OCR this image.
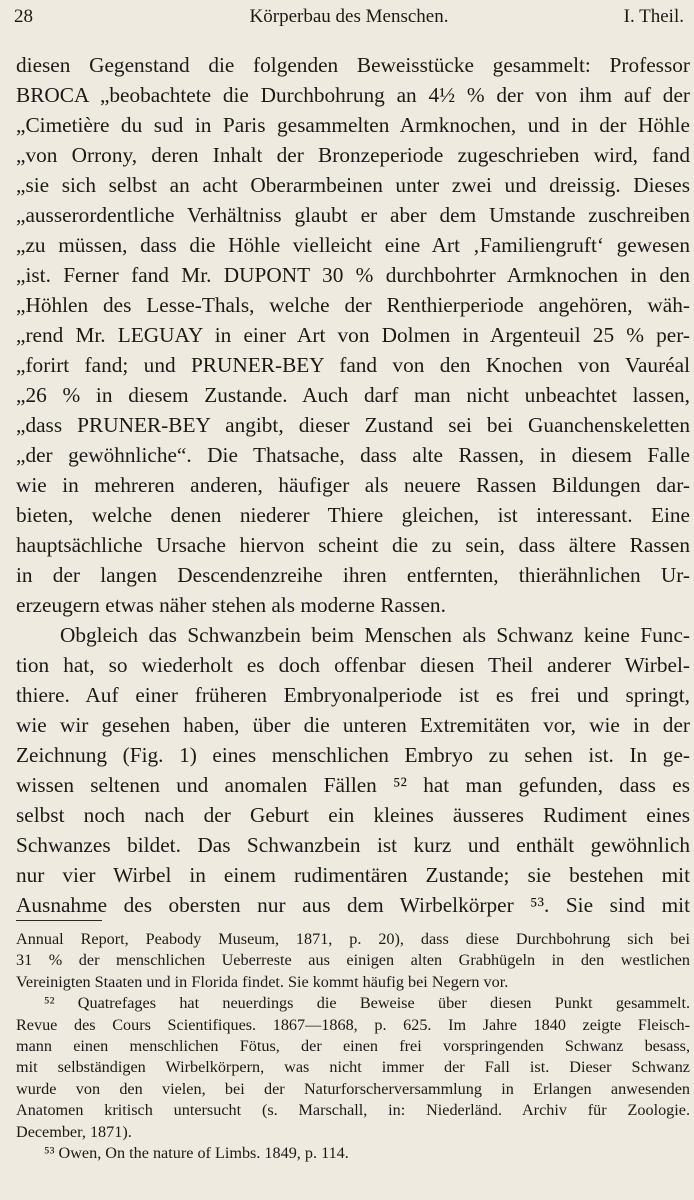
28	Körperbau des Menschen.	I. Theil.
diesen Gegenstand die folgenden Beweisstücke gesammelt: Professor
BROCA „beobachtete die Durchbohrung an 4½ % der von ihm auf der
„Cimetière du sud in Paris gesammelten Armknochen, und in der Höhle
„von Orrony, deren Inhalt der Bronzeperiode zugeschrieben wird, fand
„sie sich selbst an acht Oberarmbeinen unter zwei und dreissig. Dieses
„ausserordentliche Verhältniss glaubt er aber dem Umstande zuschreiben
„zu müssen, dass die Höhle vielleicht eine Art ‚Familiengruft‘ gewesen
„ist. Ferner fand Mr. DUPONT 30 % durchbohrter Armknochen in den
„Höhlen des Lesse-Thals, welche der Renthierperiode angehören, wäh-
„rend Mr. LEGUAY in einer Art von Dolmen in Argenteuil 25 % per-
„forirt fand; und PRUNER-BEY fand von den Knochen von Vauréal
„26 % in diesem Zustande. Auch darf man nicht unbeachtet lassen,
„dass PRUNER-BEY angibt, dieser Zustand sei bei Guanchenskeletten
„der gewöhnliche“. Die Thatsache, dass alte Rassen, in diesem Falle
wie in mehreren anderen, häufiger als neuere Rassen Bildungen dar-
bieten, welche denen niederer Thiere gleichen, ist interessant. Eine
hauptsächliche Ursache hiervon scheint die zu sein, dass ältere Rassen
in der langen Descendenzreihe ihren entfernten, thierähnlichen Ur-
erzeugern etwas näher stehen als moderne Rassen.
Obgleich das Schwanzbein beim Menschen als Schwanz keine Func-
tion hat, so wiederholt es doch offenbar diesen Theil anderer Wirbel-
thiere. Auf einer früheren Embryonalperiode ist es frei und springt,
wie wir gesehen haben, über die unteren Extremitäten vor, wie in der
Zeichnung (Fig. 1) eines menschlichen Embryo zu sehen ist. In ge-
wissen seltenen und anomalen Fällen ⁵² hat man gefunden, dass es
selbst noch nach der Geburt ein kleines äusseres Rudiment eines
Schwanzes bildet. Das Schwanzbein ist kurz und enthält gewöhnlich
nur vier Wirbel in einem rudimentären Zustande; sie bestehen mit
Ausnahme des obersten nur aus dem Wirbelkörper ⁵³. Sie sind mit
Annual Report, Peabody Museum, 1871, p. 20), dass diese Durchbohrung sich bei
31 % der menschlichen Ueberreste aus einigen alten Grabhügeln in den westlichen
Vereinigten Staaten und in Florida findet. Sie kommt häufig bei Negern vor.
⁵² Quatrefages hat neuerdings die Beweise über diesen Punkt gesammelt.
Revue des Cours Scientifiques. 1867—1868, p. 625. Im Jahre 1840 zeigte Fleisch-
mann einen menschlichen Fötus, der einen frei vorspringenden Schwanz besass,
mit selbständigen Wirbelkörpern, was nicht immer der Fall ist. Dieser Schwanz
wurde von den vielen, bei der Naturforscherversammlung in Erlangen anwesenden
Anatomen kritisch untersucht (s. Marschall, in: Niederländ. Archiv für Zoologie.
December, 1871).
⁵³ Owen, On the nature of Limbs. 1849, p. 114.
